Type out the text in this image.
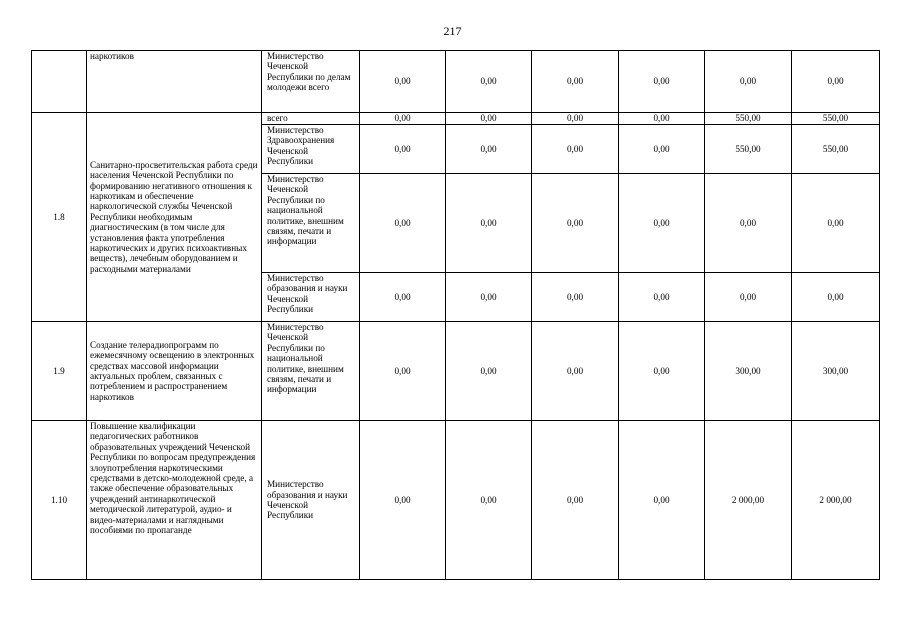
217
	наркотиков	Министерство Чеченской Республики по делам молодежи всего	0,00	0,00	0,00	0,00	0,00	0,00
1.8	Санитарно-просветительская работа среди населения Чеченской Республики по формированию негативного отношения к наркотикам и обеспечение наркологической службы Чеченской Республики необходимым диагностическим (в том числе для установления факта употребления наркотических и других психоактивных веществ), лечебным оборудованием и расходными материалами	всего	0,00	0,00	0,00	0,00	550,00	550,00
		Министерство Здравоохранения Чеченской Республики	0,00	0,00	0,00	0,00	550,00	550,00
		Министерство Чеченской Республики по национальной политике, внешним связям, печати и информации	0,00	0,00	0,00	0,00	0,00	0,00
		Министерство образования и науки Чеченской Республики	0,00	0,00	0,00	0,00	0,00	0,00
1.9	Создание телерадиопрограмм по ежемесячному освещению в электронных средствах массовой информации актуальных проблем, связанных с потреблением и распространением наркотиков	Министерство Чеченской Республики по национальной политике, внешним связям, печати и информации	0,00	0,00	0,00	0,00	300,00	300,00
1.10	Повышение квалификации педагогических работников образовательных учреждений Чеченской Республики по вопросам предупреждения злоупотребления наркотическими средствами в детско-молодежной среде, а также обеспечение образовательных учреждений антинаркотической методической литературой, аудио- и видео-материалами и наглядными пособиями по пропаганде	Министерство образования и науки Чеченской Республики	0,00	0,00	0,00	0,00	2 000,00	2 000,00
